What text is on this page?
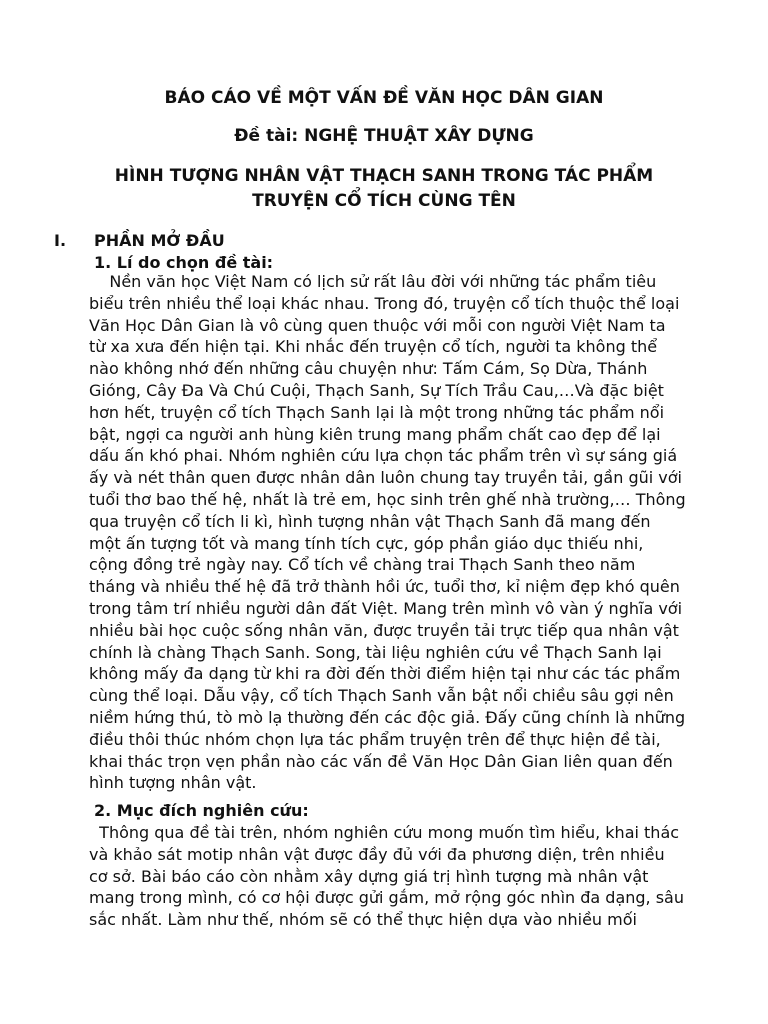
BÁO CÁO VỀ MỘT VẤN ĐỀ VĂN HỌC DÂN GIAN
Đề tài: NGHỆ THUẬT XÂY DỰNG
HÌNH TƯỢNG NHÂN VẬT THẠCH SANH TRONG TÁC PHẨM
TRUYỆN CỔ TÍCH CÙNG TÊN
I. PHẦN MỞ ĐẦU
1. Lí do chọn đề tài:
Nền văn học Việt Nam có lịch sử rất lâu đời với những tác phẩm tiêu
biểu trên nhiều thể loại khác nhau. Trong đó, truyện cổ tích thuộc thể loại
Văn Học Dân Gian là vô cùng quen thuộc với mỗi con người Việt Nam ta
từ xa xưa đến hiện tại. Khi nhắc đến truyện cổ tích, người ta không thể
nào không nhớ đến những câu chuyện như: Tấm Cám, Sọ Dừa, Thánh
Gióng, Cây Đa Và Chú Cuội, Thạch Sanh, Sự Tích Trầu Cau,…Và đặc biệt
hơn hết, truyện cổ tích Thạch Sanh lại là một trong những tác phẩm nổi
bật, ngợi ca người anh hùng kiên trung mang phẩm chất cao đẹp để lại
dấu ấn khó phai. Nhóm nghiên cứu lựa chọn tác phẩm trên vì sự sáng giá
ấy và nét thân quen được nhân dân luôn chung tay truyền tải, gần gũi với
tuổi thơ bao thế hệ, nhất là trẻ em, học sinh trên ghế nhà trường,… Thông
qua truyện cổ tích li kì, hình tượng nhân vật Thạch Sanh đã mang đến
một ấn tượng tốt và mang tính tích cực, góp phần giáo dục thiếu nhi,
cộng đồng trẻ ngày nay. Cổ tích về chàng trai Thạch Sanh theo năm
tháng và nhiều thế hệ đã trở thành hồi ức, tuổi thơ, kỉ niệm đẹp khó quên
trong tâm trí nhiều người dân đất Việt. Mang trên mình vô vàn ý nghĩa với
nhiều bài học cuộc sống nhân văn, được truyền tải trực tiếp qua nhân vật
chính là chàng Thạch Sanh. Song, tài liệu nghiên cứu về Thạch Sanh lại
không mấy đa dạng từ khi ra đời đến thời điểm hiện tại như các tác phẩm
cùng thể loại. Dẫu vậy, cổ tích Thạch Sanh vẫn bật nổi chiều sâu gợi nên
niềm hứng thú, tò mò lạ thường đến các độc giả. Đấy cũng chính là những
điều thôi thúc nhóm chọn lựa tác phẩm truyện trên để thực hiện đề tài,
khai thác trọn vẹn phần nào các vấn đề Văn Học Dân Gian liên quan đến
hình tượng nhân vật.
2. Mục đích nghiên cứu:
Thông qua đề tài trên, nhóm nghiên cứu mong muốn tìm hiểu, khai thác
và khảo sát motip nhân vật được đầy đủ với đa phương diện, trên nhiều
cơ sở. Bài báo cáo còn nhằm xây dựng giá trị hình tượng mà nhân vật
mang trong mình, có cơ hội được gửi gắm, mở rộng góc nhìn đa dạng, sâu
sắc nhất. Làm như thế, nhóm sẽ có thể thực hiện dựa vào nhiều mối
